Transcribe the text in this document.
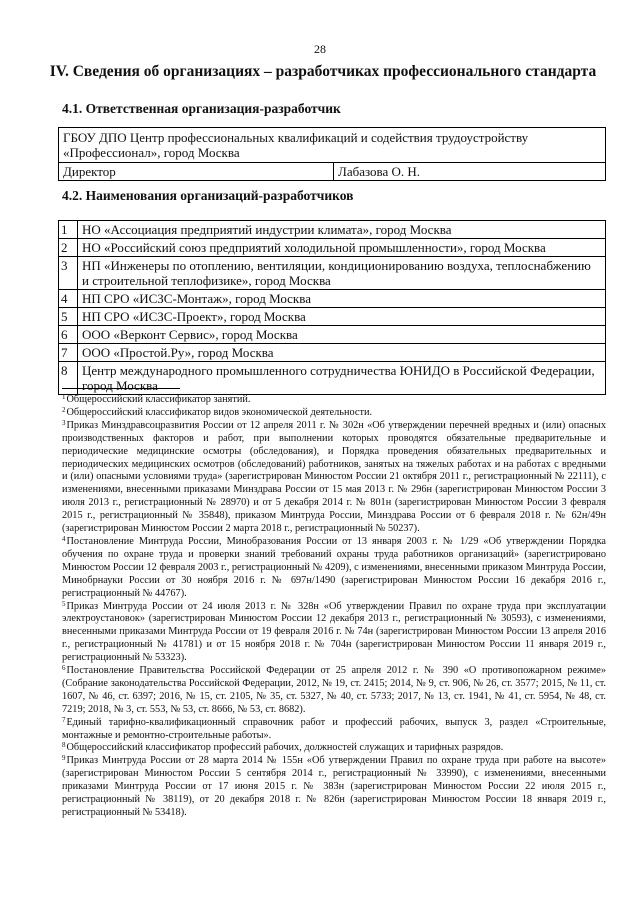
28
IV. Сведения об организациях – разработчиках профессионального стандарта
4.1. Ответственная организация-разработчик
ГБОУ ДПО Центр профессиональных квалификаций и содействия трудоустройству «Профессионал», город Москва
Директор	Лабазова О. Н.
4.2. Наименования организаций-разработчиков
1	НО «Ассоциация предприятий индустрии климата», город Москва
2	НО «Российский союз предприятий холодильной промышленности», город Москва
3	НП «Инженеры по отоплению, вентиляции, кондиционированию воздуха, теплоснабжению и строительной теплофизике», город Москва
4	НП СРО «ИСЗС-Монтаж», город Москва
5	НП СРО «ИСЗС-Проект», город Москва
6	ООО «Верконт Сервис», город Москва
7	ООО «Простой.Ру», город Москва
8	Центр международного промышленного сотрудничества ЮНИДО в Российской Федерации, город Москва

$^1$Общероссийский классификатор занятий.

$^2$Общероссийский классификатор видов экономической деятельности.

$^3$Приказ Минздравсоцразвития России от 12 апреля 2011 г. № 302н «Об утверждении перечней вредных и (или) опасных производственных факторов и работ, при выполнении которых проводятся обязательные предварительные и периодические медицинские осмотры (обследования), и Порядка проведения обязательных предварительных и периодических медицинских осмотров (обследований) работников, занятых на тяжелых работах и на работах с вредными и (или) опасными условиями труда» (зарегистрирован Минюстом России 21 октября 2011 г., регистрационный № 22111), с изменениями, внесенными приказами Минздрава России от 15 мая 2013 г. № 296н (зарегистрирован Минюстом России 3 июля 2013 г., регистрационный № 28970) и от 5 декабря 2014 г. № 801н (зарегистрирован Минюстом России 3 февраля 2015 г., регистрационный № 35848), приказом Минтруда России, Минздрава России от 6 февраля 2018 г. № 62н/49н (зарегистрирован Минюстом России 2 марта 2018 г., регистрационный № 50237).

$^4$Постановление Минтруда России, Минобразования России от 13 января 2003 г. № 1/29 «Об утверждении Порядка обучения по охране труда и проверки знаний требований охраны труда работников организаций» (зарегистрировано Минюстом России 12 февраля 2003 г., регистрационный № 4209), с изменениями, внесенными приказом Минтруда России, Минобрнауки России от 30 ноября 2016 г. № 697н/1490 (зарегистрирован Минюстом России 16 декабря 2016 г., регистрационный № 44767).

$^5$Приказ Минтруда России от 24 июля 2013 г. № 328н «Об утверждении Правил по охране труда при эксплуатации электроустановок» (зарегистрирован Минюстом России 12 декабря 2013 г., регистрационный № 30593), с изменениями, внесенными приказами Минтруда России от 19 февраля 2016 г. № 74н (зарегистрирован Минюстом России 13 апреля 2016 г., регистрационный № 41781) и от 15 ноября 2018 г. № 704н (зарегистрирован Минюстом России 11 января 2019 г., регистрационный № 53323).

$^6$Постановление Правительства Российской Федерации от 25 апреля 2012 г. № 390 «О противопожарном режиме» (Собрание законодательства Российской Федерации, 2012, № 19, ст. 2415; 2014, № 9, ст. 906, № 26, ст. 3577; 2015, № 11, ст. 1607, № 46, ст. 6397; 2016, № 15, ст. 2105, № 35, ст. 5327, № 40, ст. 5733; 2017, № 13, ст. 1941, № 41, ст. 5954, № 48, ст. 7219; 2018, № 3, ст. 553, № 53, ст. 8666, № 53, ст. 8682).

$^7$Единый тарифно-квалификационный справочник работ и профессий рабочих, выпуск 3, раздел «Строительные, монтажные и ремонтно-строительные работы».

$^8$Общероссийский классификатор профессий рабочих, должностей служащих и тарифных разрядов.

$^9$Приказ Минтруда России от 28 марта 2014 № 155н «Об утверждении Правил по охране труда при работе на высоте» (зарегистрирован Минюстом России 5 сентября 2014 г., регистрационный № 33990), с изменениями, внесенными приказами Минтруда России от 17 июня 2015 г. № 383н (зарегистрирован Минюстом России 22 июля 2015 г., регистрационный № 38119), от 20 декабря 2018 г. № 826н (зарегистрирован Минюстом России 18 января 2019 г., регистрационный № 53418).
